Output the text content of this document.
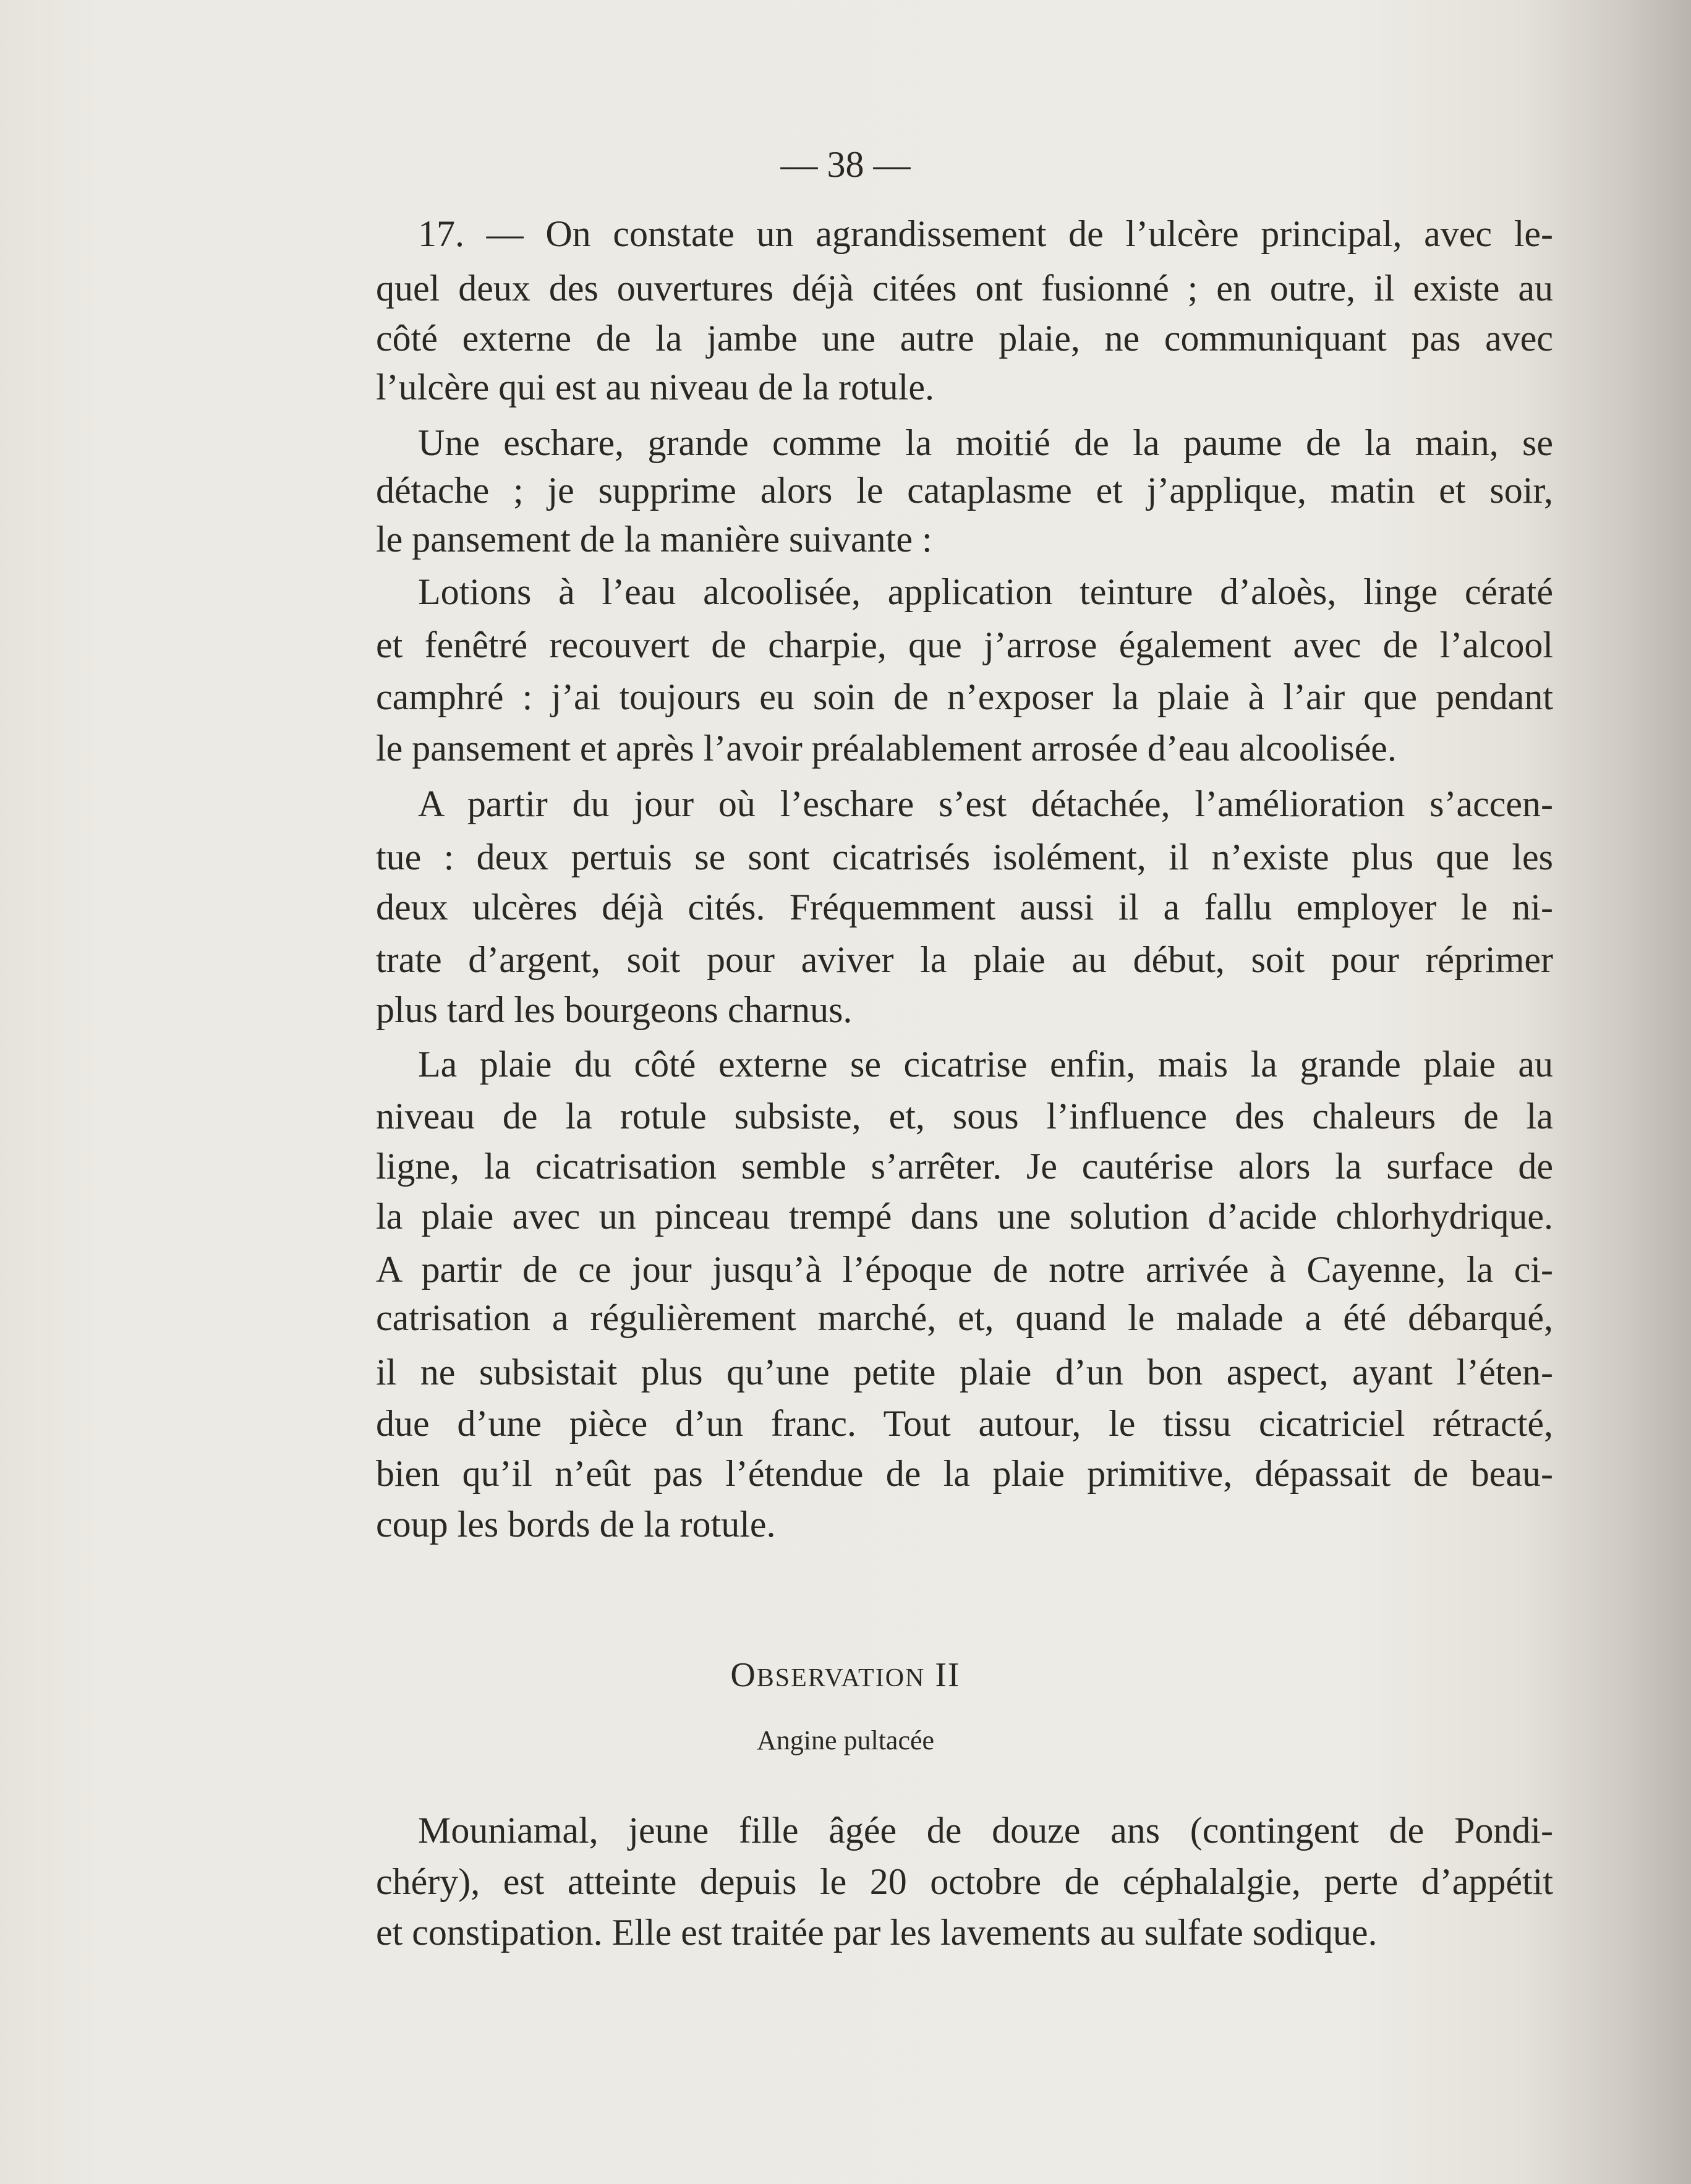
— 38 —
17. — On constate un agrandissement de l’ulcère principal, avec le-
quel deux des ouvertures déjà citées ont fusionné ; en outre, il existe au
côté externe de la jambe une autre plaie, ne communiquant pas avec
l’ulcère qui est au niveau de la rotule.
Une eschare, grande comme la moitié de la paume de la main, se
détache ; je supprime alors le cataplasme et j’applique, matin et soir,
le pansement de la manière suivante :
Lotions à l’eau alcoolisée, application teinture d’aloès, linge cératé
et fenêtré recouvert de charpie, que j’arrose également avec de l’alcool
camphré : j’ai toujours eu soin de n’exposer la plaie à l’air que pendant
le pansement et après l’avoir préalablement arrosée d’eau alcoolisée.
A partir du jour où l’eschare s’est détachée, l’amélioration s’accen-
tue : deux pertuis se sont cicatrisés isolément, il n’existe plus que les
deux ulcères déjà cités. Fréquemment aussi il a fallu employer le ni-
trate d’argent, soit pour aviver la plaie au début, soit pour réprimer
plus tard les bourgeons charnus.
La plaie du côté externe se cicatrise enfin, mais la grande plaie au
niveau de la rotule subsiste, et, sous l’influence des chaleurs de la
ligne, la cicatrisation semble s’arrêter. Je cautérise alors la surface de
la plaie avec un pinceau trempé dans une solution d’acide chlorhydrique.
A partir de ce jour jusqu’à l’époque de notre arrivée à Cayenne, la ci-
catrisation a régulièrement marché, et, quand le malade a été débarqué,
il ne subsistait plus qu’une petite plaie d’un bon aspect, ayant l’éten-
due d’une pièce d’un franc. Tout autour, le tissu cicatriciel rétracté,
bien qu’il n’eût pas l’étendue de la plaie primitive, dépassait de beau-
coup les bords de la rotule.
Mouniamal, jeune fille âgée de douze ans (contingent de Pondi-
chéry), est atteinte depuis le 20 octobre de céphalalgie, perte d’appétit
et constipation. Elle est traitée par les lavements au sulfate sodique.
OBSERVATION II
Angine pultacée
